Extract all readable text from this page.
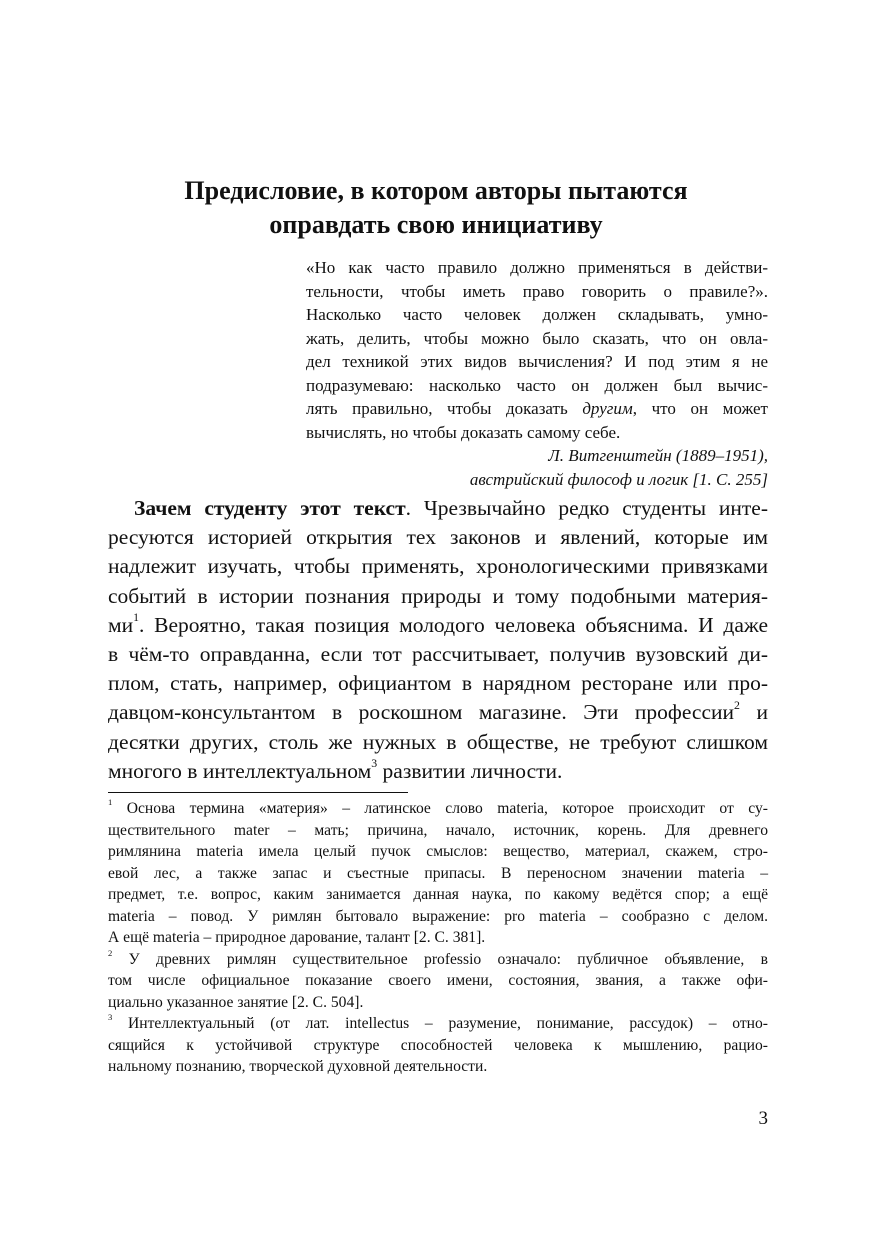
Предисловие, в котором авторы пытаются
оправдать свою инициативу
«Но как часто правило должно применяться в действи-
тельности, чтобы иметь право говорить о правиле?».
Насколько часто человек должен складывать, умно-
жать, делить, чтобы можно было сказать, что он овла-
дел техникой этих видов вычисления? И под этим я не
подразумеваю: насколько часто он должен был вычис-
лять правильно, чтобы доказать другим, что он может
вычислять, но чтобы доказать самому себе.
Л. Витгенштейн (1889–1951),
австрийский философ и логик [1. С. 255]
Зачем студенту этот текст. Чрезвычайно редко студенты инте-
ресуются историей открытия тех законов и явлений, которые им
надлежит изучать, чтобы применять, хронологическими привязками
событий в истории познания природы и тому подобными материя-
$ми^1$. Вероятно, такая позиция молодого человека объяснима. И даже
в чём-то оправданна, если тот рассчитывает, получив вузовский ди-
плом, стать, например, официантом в нарядном ресторане или про-
давцом-консультантом в роскошном магазине. Эти профессии$^2$ и
десятки других, столь же нужных в обществе, не требуют слишком
многого в интеллектуальном$^3$ развитии личности.
$^1$ Основа термина «материя» – латинское слово materia, которое происходит от су-
ществительного mater – мать; причина, начало, источник, корень. Для древнего
римлянина materia имела целый пучок смыслов: вещество, материал, скажем, стро-
евой лес, а также запас и съестные припасы. В переносном значении materia –
предмет, т.е. вопрос, каким занимается данная наука, по какому ведётся спор; а ещё
materia – повод. У римлян бытовало выражение: pro materia – сообразно с делом.
А ещё materia – природное дарование, талант [2. С. 381].
$^2$ У древних римлян существительное professio означало: публичное объявление, в
том числе официальное показание своего имени, состояния, звания, а также офи-
циально указанное занятие [2. С. 504].
$^3$ Интеллектуальный (от лат. intellectus – разумение, понимание, рассудок) – отно-
сящийся к устойчивой структуре способностей человека к мышлению, рацио-
нальному познанию, творческой духовной деятельности.
3
